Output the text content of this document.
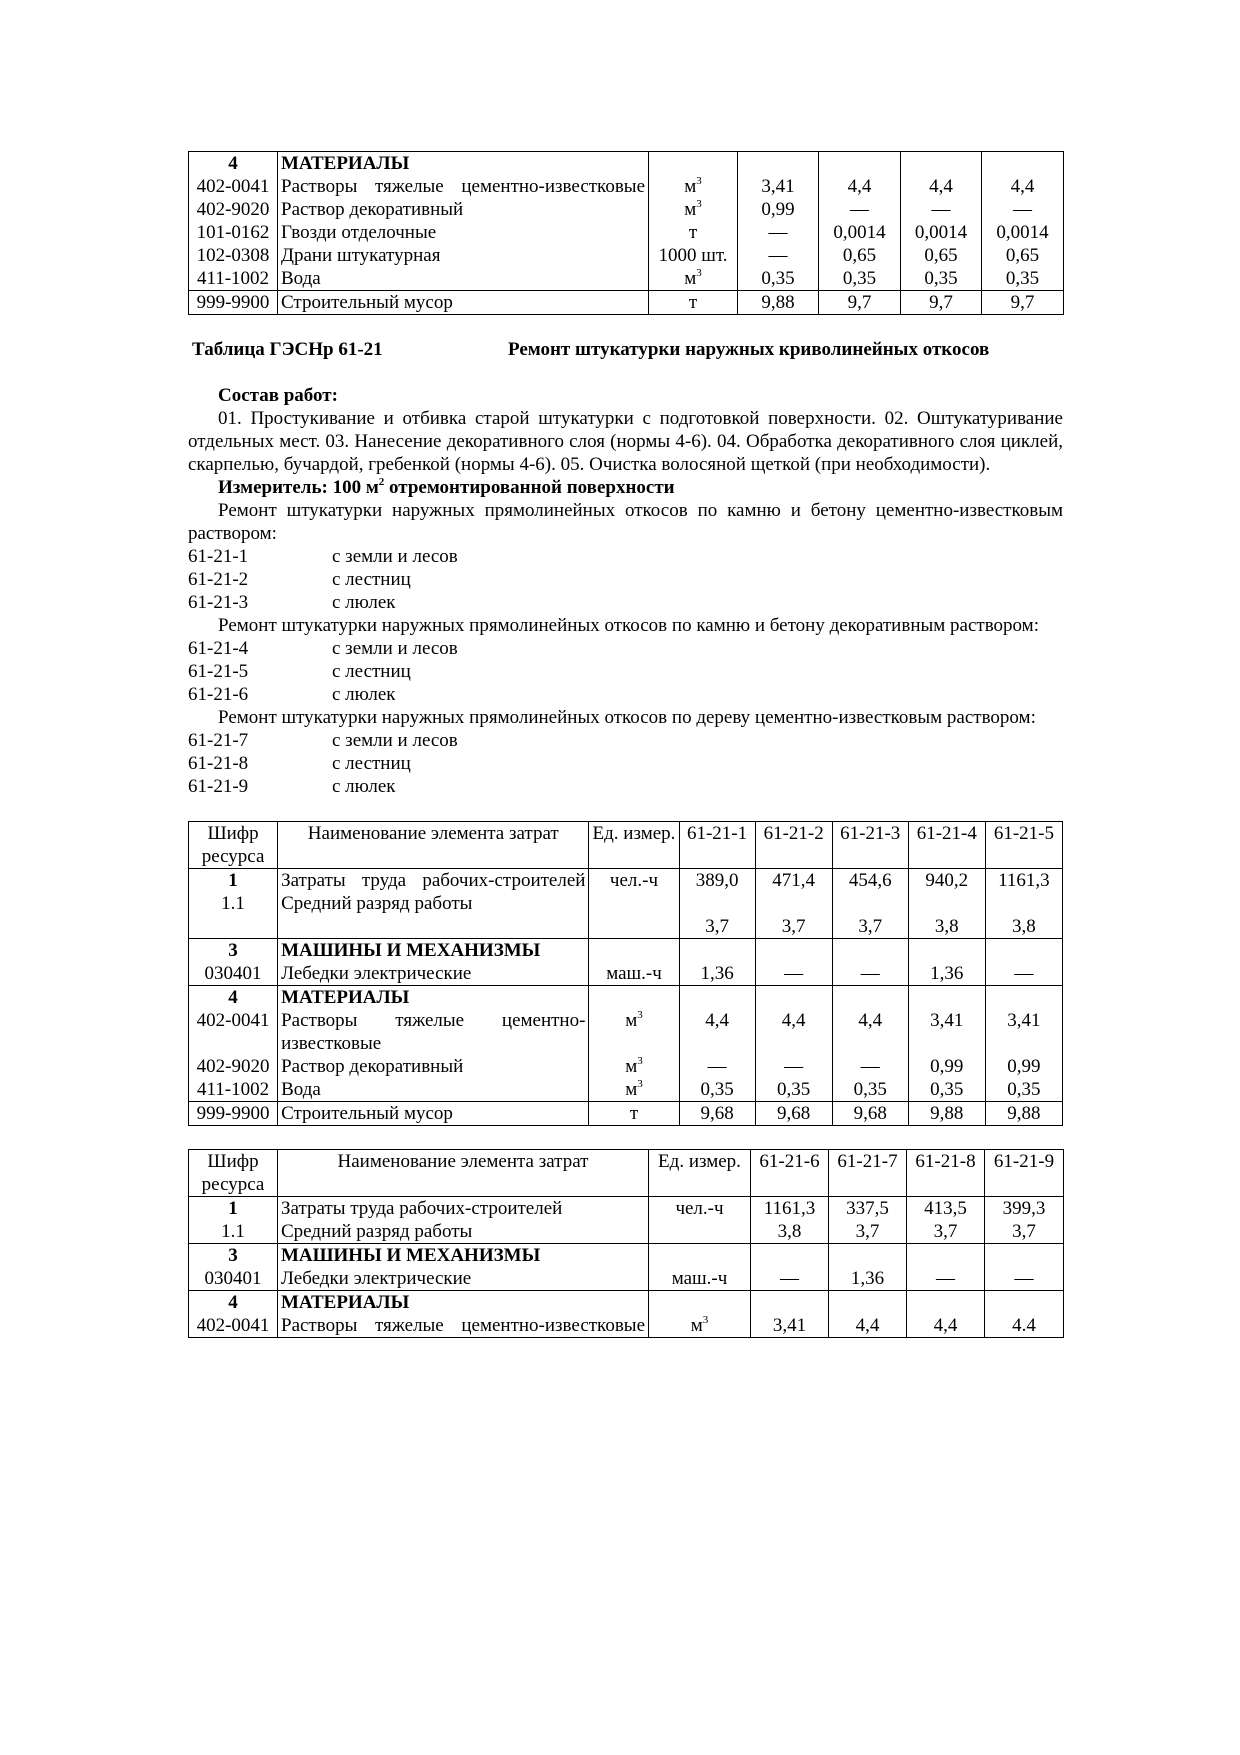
4	МАТЕРИАЛЫ					
402-0041	Растворы тяжелые цементно-известковые	$м^3$	3,41	4,4	4,4	4,4
402-9020	Раствор декоративный	$м^3$	0,99	—	—	—
101-0162	Гвозди отделочные	т	—	0,0014	0,0014	0,0014
102-0308	Драни штукатурная	1000 шт.	—	0,65	0,65	0,65
411-1002	Вода	$м^3$	0,35	0,35	0,35	0,35
999-9900	Строительный мусор	т	9,88	9,7	9,7	9,7
Таблица ГЭСНр 61-21	Ремонт штукатурки наружных криволинейных откосов

Состав работ:

01. Простукивание и отбивка старой штукатурки с подготовкой поверхности. 02. Оштукатуривание отдельных мест. 03. Нанесение декоративного слоя (нормы 4-6). 04. Обработка декоративного слоя циклей, скарпелью, бучардой, гребенкой (нормы 4-6). 05. Очистка волосяной щеткой (при необходимости).

Измеритель: 100 $м^2$ отремонтированной поверхности

Ремонт штукатурки наружных прямолинейных откосов по камню и бетону цементно-известковым раствором:

61-21-1	с земли и лесов
61-21-2	с лестниц
61-21-3	с люлек

Ремонт штукатурки наружных прямолинейных откосов по камню и бетону декоративным раствором:

61-21-4	с земли и лесов
61-21-5	с лестниц
61-21-6	с люлек

Ремонт штукатурки наружных прямолинейных откосов по дереву цементно-известковым раствором:

61-21-7	с земли и лесов
61-21-8	с лестниц
61-21-9	с люлек
Шифр ресурса	Наименование элемента затрат	Ед. измер.	61-21-1	61-21-2	61-21-3	61-21-4	61-21-5
1	Затраты труда рабочих-строителей	чел.-ч	389,0	471,4	454,6	940,2	1161,3
1.1	Средний разряд работы		3,7	3,7	3,7	3,8	3,8
3	МАШИНЫ И МЕХАНИЗМЫ						
030401	Лебедки электрические	маш.-ч	1,36	—	—	1,36	—
4	МАТЕРИАЛЫ						
402-0041	Растворы тяжелые цементно-известковые	$м^3$	4,4	4,4	4,4	3,41	3,41
402-9020	Раствор декоративный	$м^3$	—	—	—	0,99	0,99
411-1002	Вода	$м^3$	0,35	0,35	0,35	0,35	0,35
999-9900	Строительный мусор	т	9,68	9,68	9,68	9,88	9,88
Шифр ресурса	Наименование элемента затрат	Ед. измер.	61-21-6	61-21-7	61-21-8	61-21-9
1	Затраты труда рабочих-строителей	чел.-ч	1161,3	337,5	413,5	399,3
1.1	Средний разряд работы		3,8	3,7	3,7	3,7
3	МАШИНЫ И МЕХАНИЗМЫ					
030401	Лебедки электрические	маш.-ч	—	1,36	—	—
4	МАТЕРИАЛЫ					
402-0041	Растворы тяжелые цементно-известковые	$м^3$	3,41	4,4	4,4	4.4
